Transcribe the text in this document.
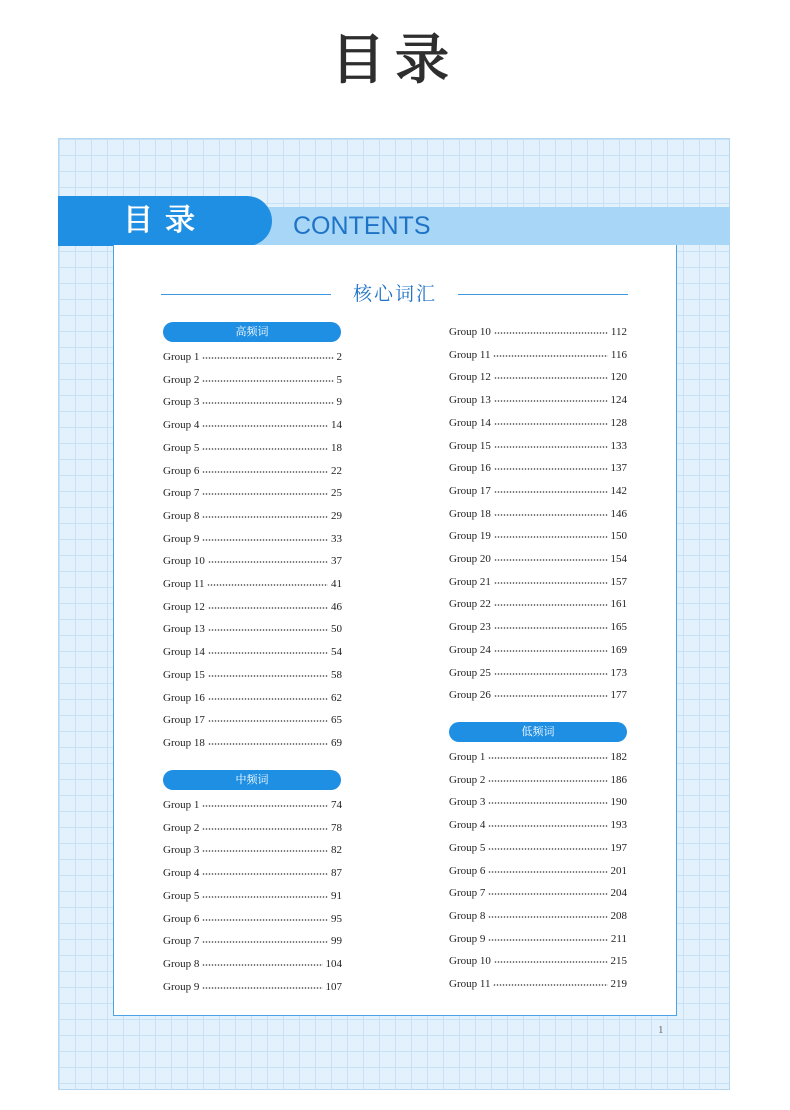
目录
目录	CONTENTS
核心词汇
高频词
中频词
低频词
Group 1	2
Group 2	5
Group 3	9
Group 4	14
Group 5	18
Group 6	22
Group 7	25
Group 8	29
Group 9	33
Group 10	37
Group 11	41
Group 12	46
Group 13	50
Group 14	54
Group 15	58
Group 16	62
Group 17	65
Group 18	69
Group 1	74
Group 2	78
Group 3	82
Group 4	87
Group 5	91
Group 6	95
Group 7	99
Group 8	104
Group 9	107
Group 10	112
Group 11	116
Group 12	120
Group 13	124
Group 14	128
Group 15	133
Group 16	137
Group 17	142
Group 18	146
Group 19	150
Group 20	154
Group 21	157
Group 22	161
Group 23	165
Group 24	169
Group 25	173
Group 26	177
Group 1	182
Group 2	186
Group 3	190
Group 4	193
Group 5	197
Group 6	201
Group 7	204
Group 8	208
Group 9	211
Group 10	215
Group 11	219
1
